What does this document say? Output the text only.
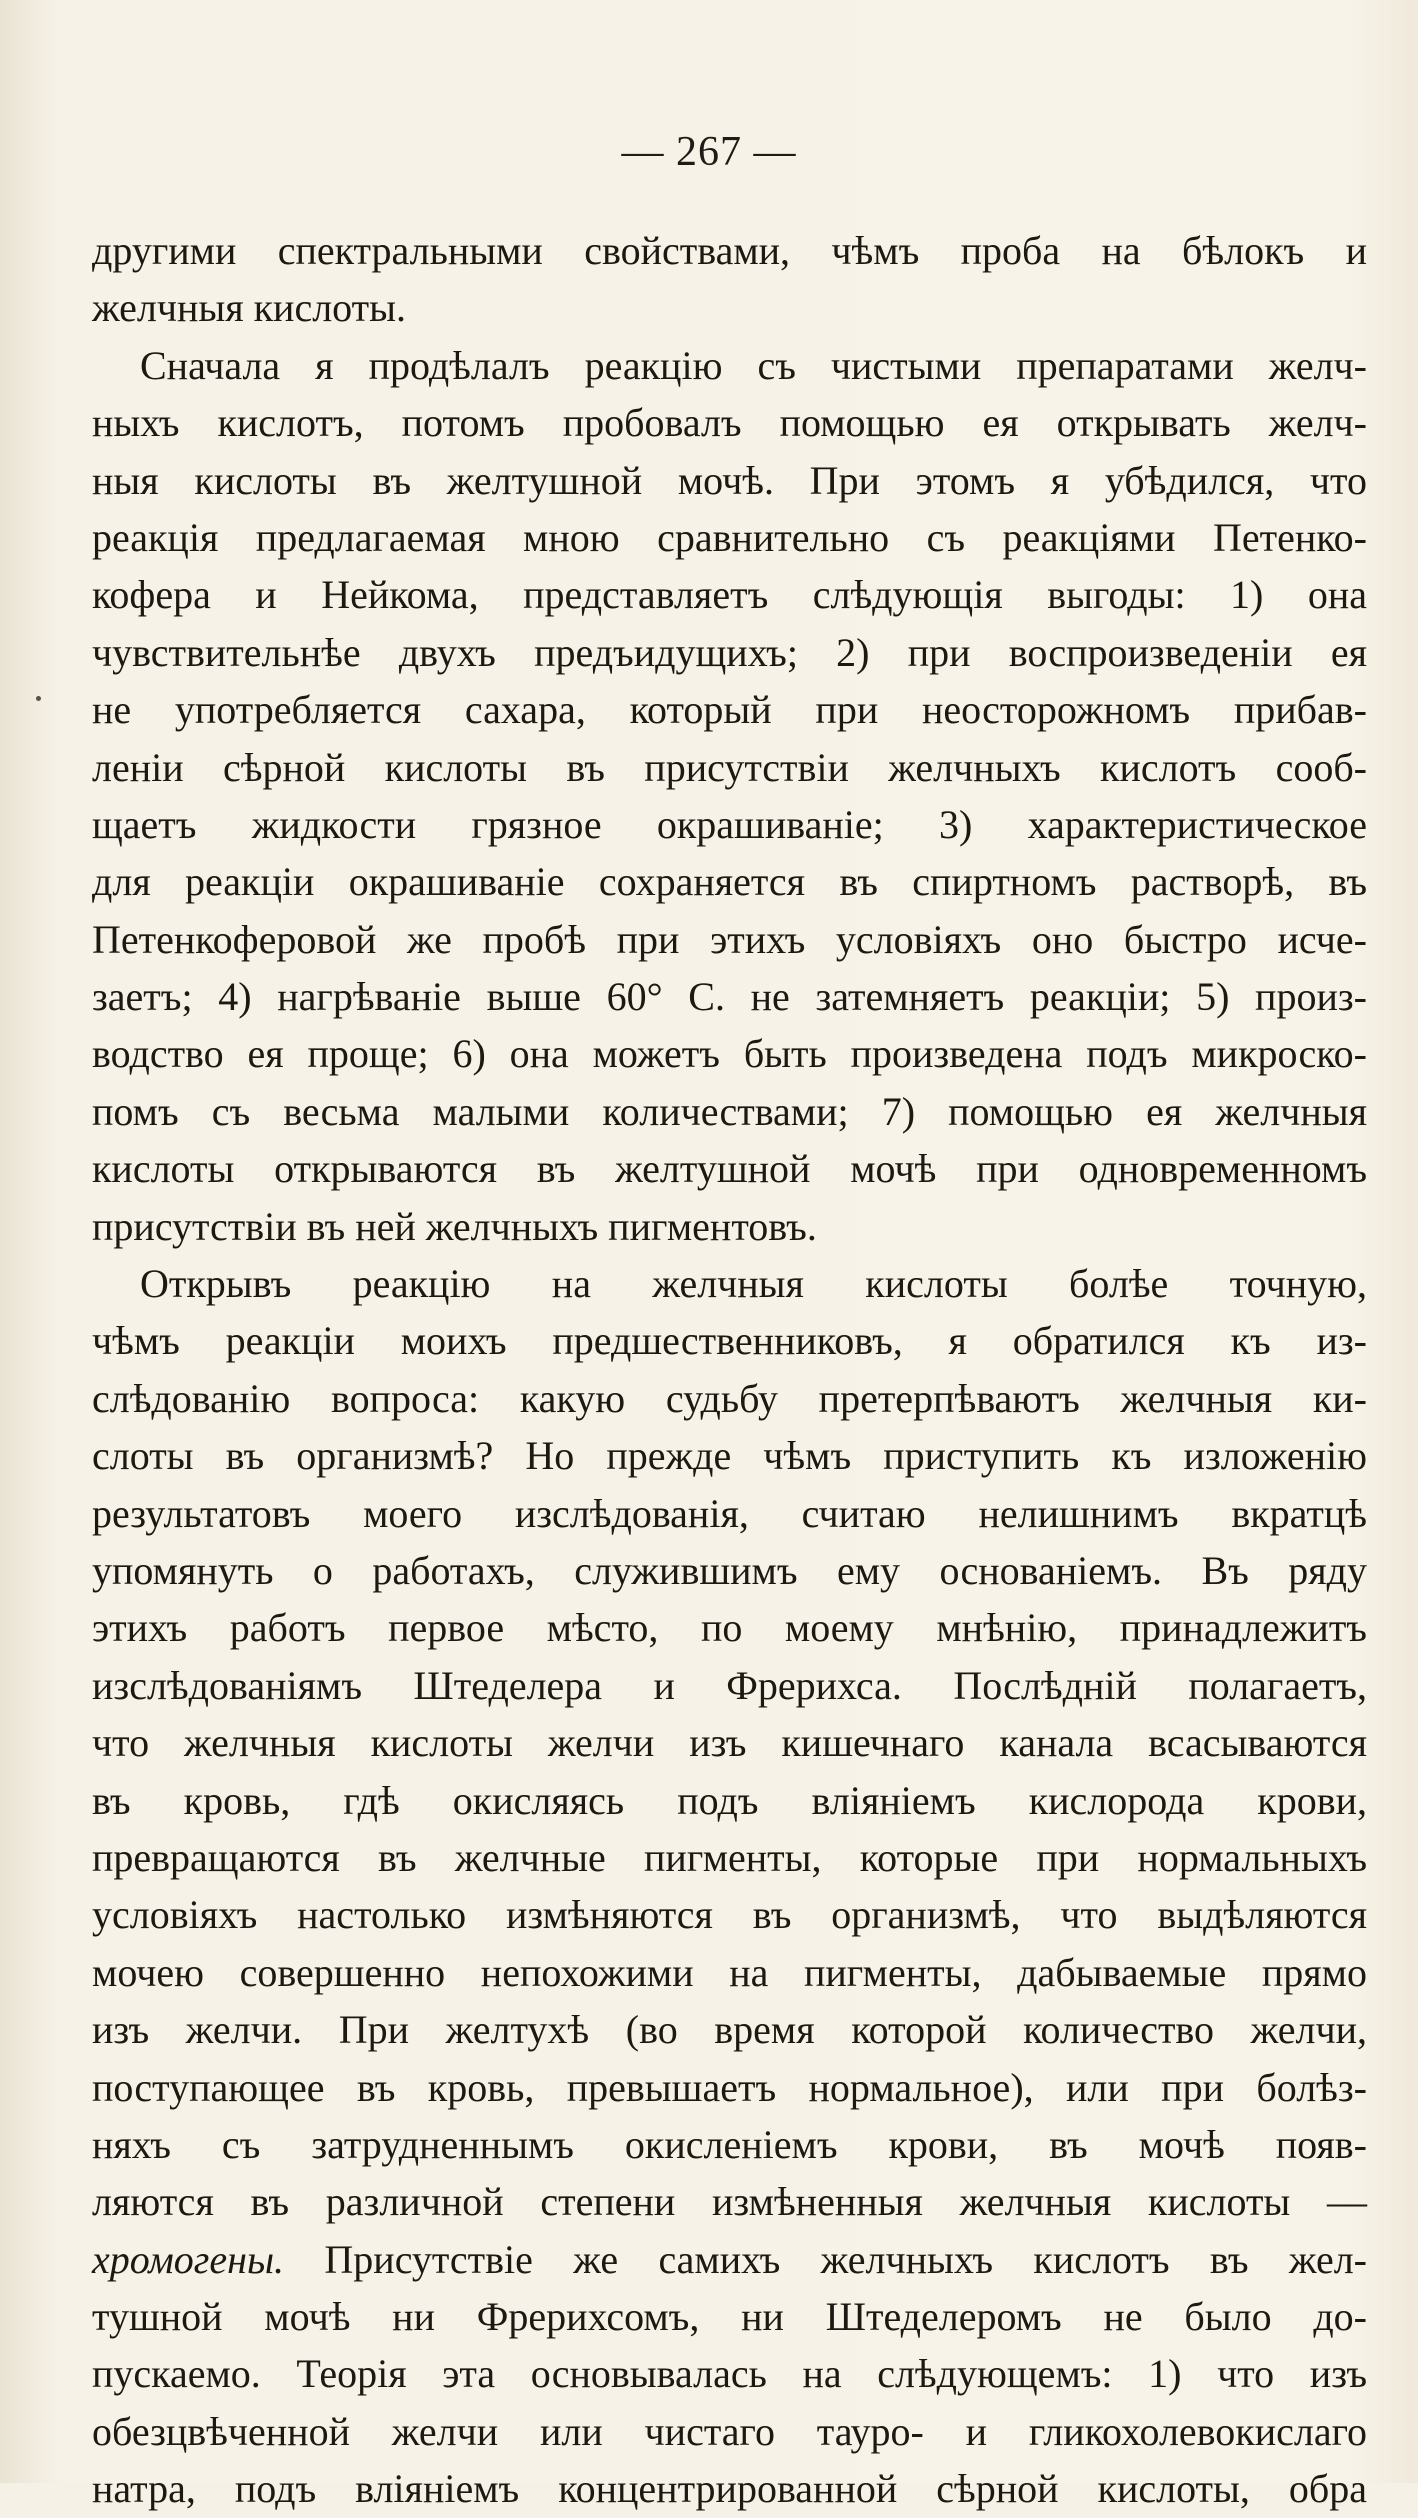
— 267 —
другими спектральными свойствами, чѣмъ проба на бѣлокъ и
желчныя кислоты.
Сначала я продѣлалъ реакцію съ чистыми препаратами желч-
ныхъ кислотъ, потомъ пробовалъ помощью ея открывать желч-
ныя кислоты въ желтушной мочѣ. При этомъ я убѣдился, что
реакція предлагаемая мною сравнительно съ реакціями Петенко-
кофера и Нейкома, представляетъ слѣдующія выгоды: 1) она
чувствительнѣе двухъ предъидущихъ; 2) при воспроизведеніи ея
не употребляется сахара, который при неосторожномъ прибав-
леніи сѣрной кислоты въ присутствіи желчныхъ кислотъ сооб-
щаетъ жидкости грязное окрашиваніе; 3) характеристическое
для реакціи окрашиваніе сохраняется въ спиртномъ растворѣ, въ
Петенкоферовой же пробѣ при этихъ условіяхъ оно быстро исче-
заетъ; 4) нагрѣваніе выше 60° С. не затемняетъ реакціи; 5) произ-
водство ея проще; 6) она можетъ быть произведена подъ микроско-
помъ съ весьма малыми количествами; 7) помощью ея желчныя
кислоты открываются въ желтушной мочѣ при одновременномъ
присутствіи въ ней желчныхъ пигментовъ.
Открывъ реакцію на желчныя кислоты болѣе точную,
чѣмъ реакціи моихъ предшественниковъ, я обратился къ из-
слѣдованію вопроса: какую судьбу претерпѣваютъ желчныя ки-
слоты въ организмѣ? Но прежде чѣмъ приступить къ изложенію
результатовъ моего изслѣдованія, считаю нелишнимъ вкратцѣ
упомянуть о работахъ, служившимъ ему основаніемъ. Въ ряду
этихъ работъ первое мѣсто, по моему мнѣнію, принадлежитъ
изслѣдованіямъ Штеделера и Фрерихса. Послѣдній полагаетъ,
что желчныя кислоты желчи изъ кишечнаго канала всасываются
въ кровь, гдѣ окисляясь подъ вліяніемъ кислорода крови,
превращаются въ желчные пигменты, которые при нормальныхъ
условіяхъ настолько измѣняются въ организмѣ, что выдѣляются
мочею совершенно непохожими на пигменты, дабываемые прямо
изъ желчи. При желтухѣ (во время которой количество желчи,
поступающее въ кровь, превышаетъ нормальное), или при болѣз-
няхъ съ затрудненнымъ окисленіемъ крови, въ мочѣ появ-
ляются въ различной степени измѣненныя желчныя кислоты —
хромогены. Присутствіе же самихъ желчныхъ кислотъ въ жел-
тушной мочѣ ни Фрерихсомъ, ни Штеделеромъ не было до-
пускаемо. Теорія эта основывалась на слѣдующемъ: 1) что изъ
обезцвѣченной желчи или чистаго тауро- и гликохолевокислаго
натра, подъ вліяніемъ концентрированной сѣрной кислоты, обра
